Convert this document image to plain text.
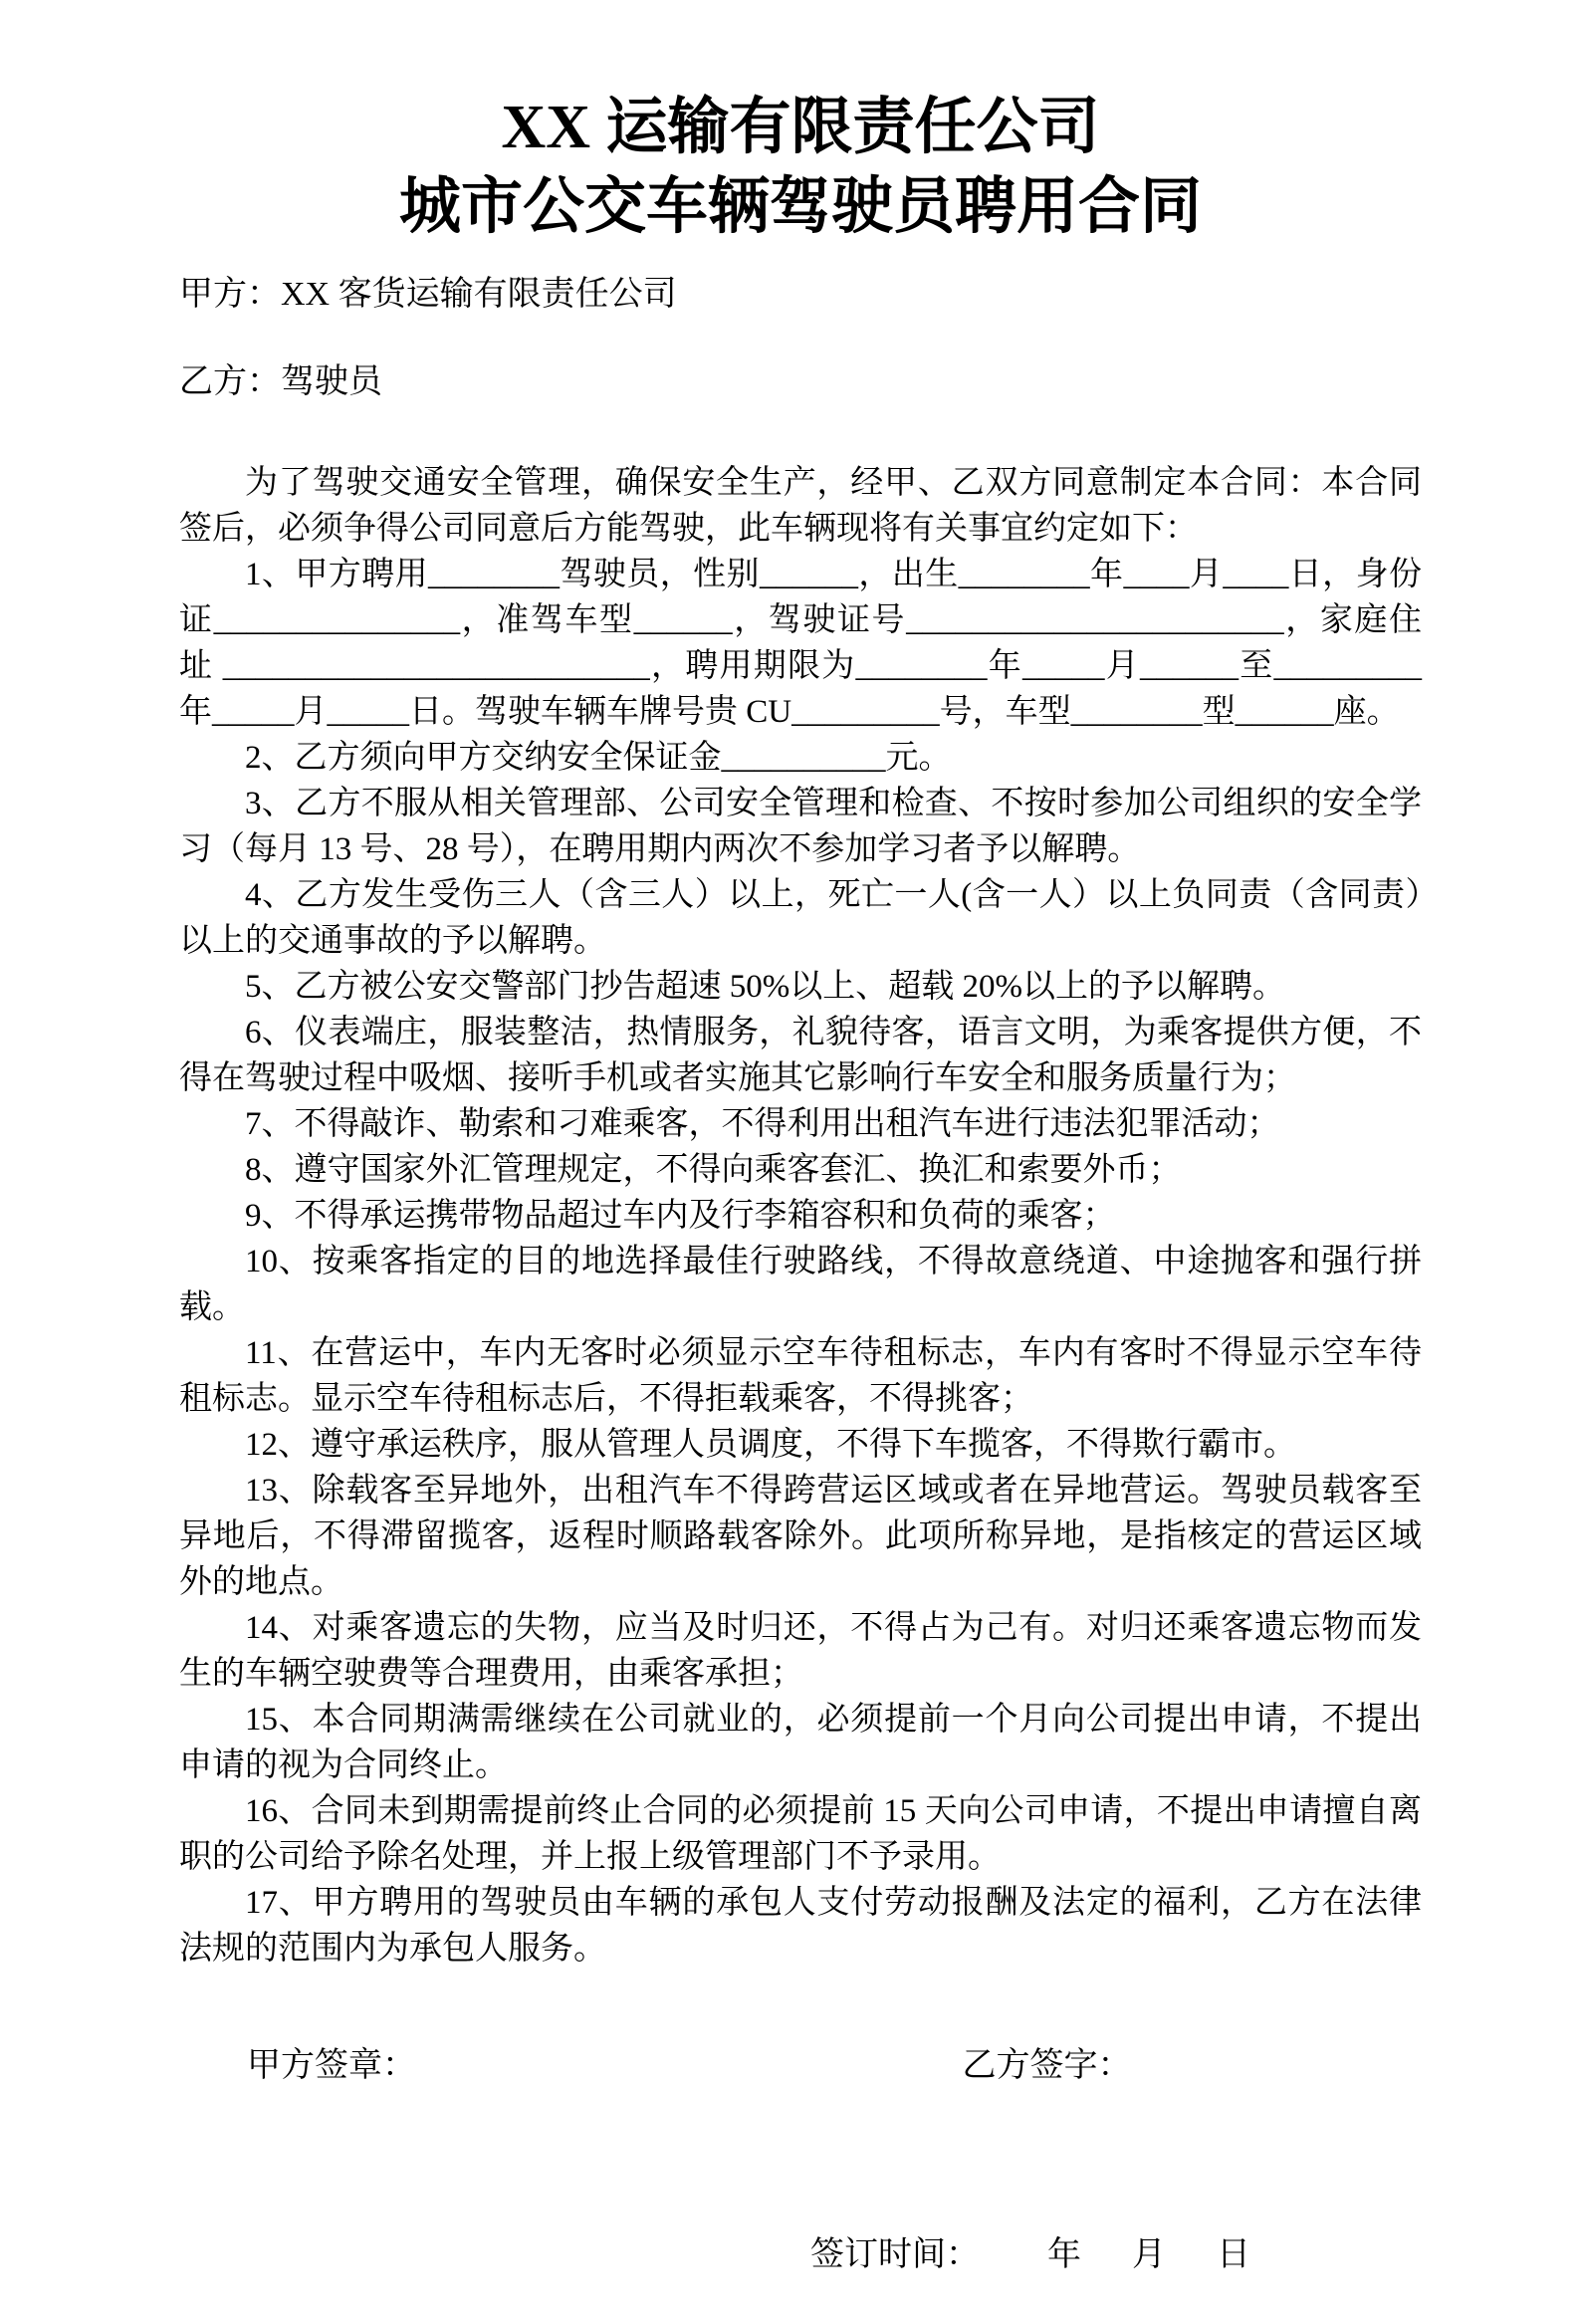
XX 运输有限责任公司
城市公交车辆驾驶员聘用合同

甲方：XX 客货运输有限责任公司

乙方：驾驶员

为了驾驶交通安全管理，确保安全生产，经甲、乙双方同意制定本合同：本合同签后，必须争得公司同意后方能驾驶，此车辆现将有关事宜约定如下：

1、甲方聘用________驾驶员，性别______，出生________年____月____日，身份证_______________，准驾车型______，驾驶证号_______________________，家庭住址 __________________________，聘用期限为________年_____月______至_________年_____月_____日。驾驶车辆车牌号贵 CU_________号，车型________型______座。

2、乙方须向甲方交纳安全保证金__________元。

3、乙方不服从相关管理部、公司安全管理和检查、不按时参加公司组织的安全学习（每月 13 号、28 号），在聘用期内两次不参加学习者予以解聘。

4、乙方发生受伤三人（含三人）以上，死亡一人(含一人）以上负同责（含同责）以上的交通事故的予以解聘。

5、乙方被公安交警部门抄告超速 50%以上、超载 20%以上的予以解聘。

6、仪表端庄，服装整洁，热情服务，礼貌待客，语言文明，为乘客提供方便，不得在驾驶过程中吸烟、接听手机或者实施其它影响行车安全和服务质量行为；

7、不得敲诈、勒索和刁难乘客，不得利用出租汽车进行违法犯罪活动；

8、遵守国家外汇管理规定，不得向乘客套汇、换汇和索要外币；

9、不得承运携带物品超过车内及行李箱容积和负荷的乘客；

10、按乘客指定的目的地选择最佳行驶路线，不得故意绕道、中途抛客和强行拼载。

11、在营运中，车内无客时必须显示空车待租标志，车内有客时不得显示空车待租标志。显示空车待租标志后，不得拒载乘客，不得挑客；

12、遵守承运秩序，服从管理人员调度，不得下车揽客，不得欺行霸市。

13、除载客至异地外，出租汽车不得跨营运区域或者在异地营运。驾驶员载客至异地后，不得滞留揽客，返程时顺路载客除外。此项所称异地，是指核定的营运区域外的地点。

14、对乘客遗忘的失物，应当及时归还，不得占为己有。对归还乘客遗忘物而发生的车辆空驶费等合理费用，由乘客承担；

15、本合同期满需继续在公司就业的，必须提前一个月向公司提出申请，不提出申请的视为合同终止。

16、合同未到期需提前终止合同的必须提前 15 天向公司申请，不提出申请擅自离职的公司给予除名处理，并上报上级管理部门不予录用。

17、甲方聘用的驾驶员由车辆的承包人支付劳动报酬及法定的福利，乙方在法律法规的范围内为承包人服务。

甲方签章：	乙方签字：

签订时间：        年      月      日
